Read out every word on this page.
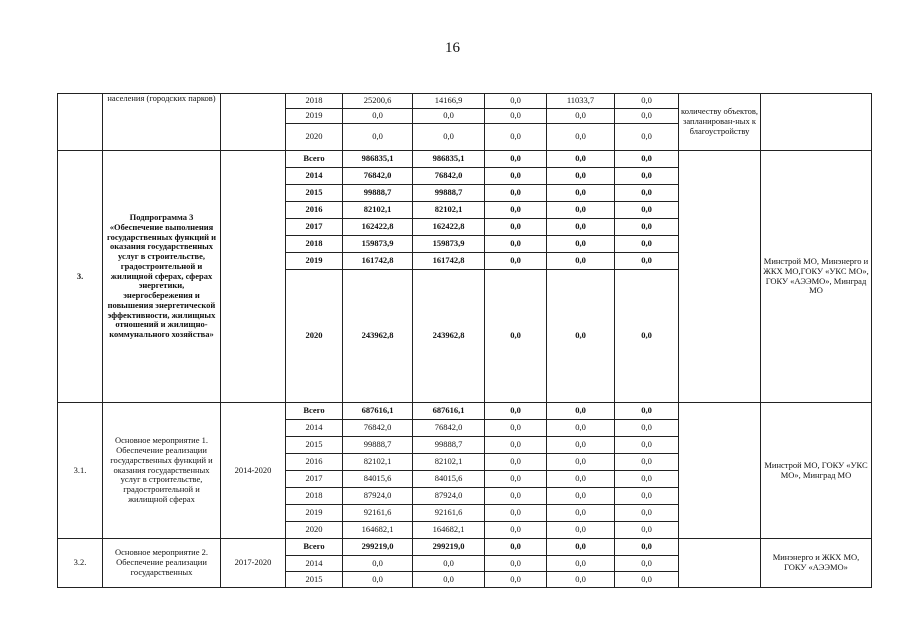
16
	населения (городских парков)		2018	25200,6	14166,9	0,0	11033,7	0,0	количеству объектов, запланирован-ных к благоустройству	
			2019	0,0	0,0	0,0	0,0	0,0		
			2020	0,0	0,0	0,0	0,0	0,0		
3.	Подпрограмма 3 «Обеспечение выполнения государственных функций и оказания государственных услуг в строительстве, градостроительной и жилищной сферах, сферах энергетики, энергосбережения и повышения энергетической эффективности, жилищных отношений и жилищно-коммунального хозяйства»		Всего	986835,1	986835,1	0,0	0,0	0,0		Минстрой МО, Минэнерго и ЖКХ МО,ГОКУ «УКС МО», ГОКУ «АЭЭМО», Минград МО
			2014	76842,0	76842,0	0,0	0,0	0,0		
			2015	99888,7	99888,7	0,0	0,0	0,0		
			2016	82102,1	82102,1	0,0	0,0	0,0		
			2017	162422,8	162422,8	0,0	0,0	0,0		
			2018	159873,9	159873,9	0,0	0,0	0,0		
			2019	161742,8	161742,8	0,0	0,0	0,0		
			2020	243962,8	243962,8	0,0	0,0	0,0		
3.1.	Основное мероприятие 1. Обеспечение реализации государственных функций и оказания государственных услуг в строительстве, градостроительной и жилищной сферах	2014-2020	Всего	687616,1	687616,1	0,0	0,0	0,0		Минстрой МО, ГОКУ «УКС МО», Минград МО
			2014	76842,0	76842,0	0,0	0,0	0,0		
			2015	99888,7	99888,7	0,0	0,0	0,0		
			2016	82102,1	82102,1	0,0	0,0	0,0		
			2017	84015,6	84015,6	0,0	0,0	0,0		
			2018	87924,0	87924,0	0,0	0,0	0,0		
			2019	92161,6	92161,6	0,0	0,0	0,0		
			2020	164682,1	164682,1	0,0	0,0	0,0		
3.2.	Основное мероприятие 2. Обеспечение реализации государственных	2017-2020	Всего	299219,0	299219,0	0,0	0,0	0,0		Минэнерго и ЖКХ МО, ГОКУ «АЭЭМО»
			2014	0,0	0,0	0,0	0,0	0,0		
			2015	0,0	0,0	0,0	0,0	0,0		
